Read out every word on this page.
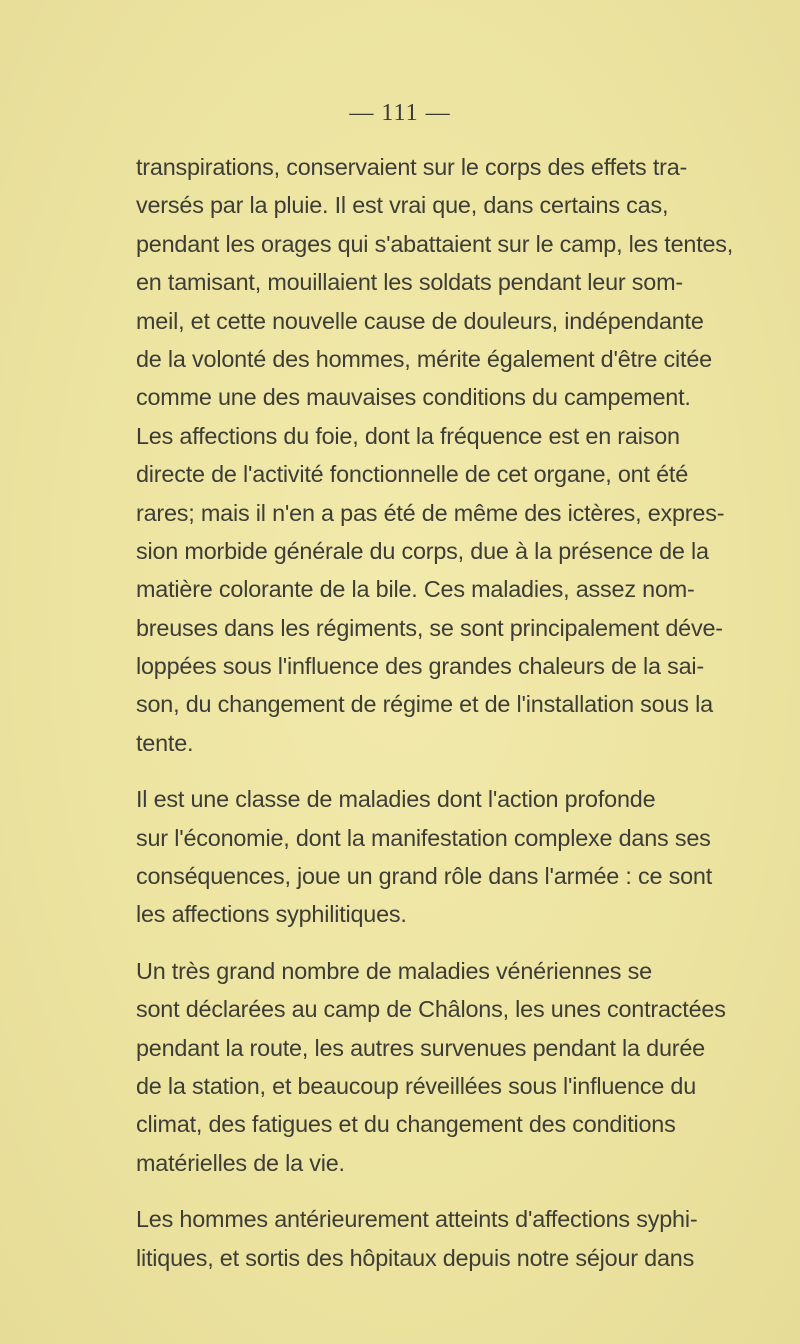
— 111 —
transpirations, conservaient sur le corps des effets tra-
versés par la pluie. Il est vrai que, dans certains cas,
pendant les orages qui s'abattaient sur le camp, les tentes,
en tamisant, mouillaient les soldats pendant leur som-
meil, et cette nouvelle cause de douleurs, indépendante
de la volonté des hommes, mérite également d'être citée
comme une des mauvaises conditions du campement.
Les affections du foie, dont la fréquence est en raison
directe de l'activité fonctionnelle de cet organe, ont été
rares; mais il n'en a pas été de même des ictères, expres-
sion morbide générale du corps, due à la présence de la
matière colorante de la bile. Ces maladies, assez nom-
breuses dans les régiments, se sont principalement déve-
loppées sous l'influence des grandes chaleurs de la sai-
son, du changement de régime et de l'installation sous la
tente.
Il est une classe de maladies dont l'action profonde
sur l'économie, dont la manifestation complexe dans ses
conséquences, joue un grand rôle dans l'armée : ce sont
les affections syphilitiques.
Un très grand nombre de maladies vénériennes se
sont déclarées au camp de Châlons, les unes contractées
pendant la route, les autres survenues pendant la durée
de la station, et beaucoup réveillées sous l'influence du
climat, des fatigues et du changement des conditions
matérielles de la vie.
Les hommes antérieurement atteints d'affections syphi-
litiques, et sortis des hôpitaux depuis notre séjour dans
